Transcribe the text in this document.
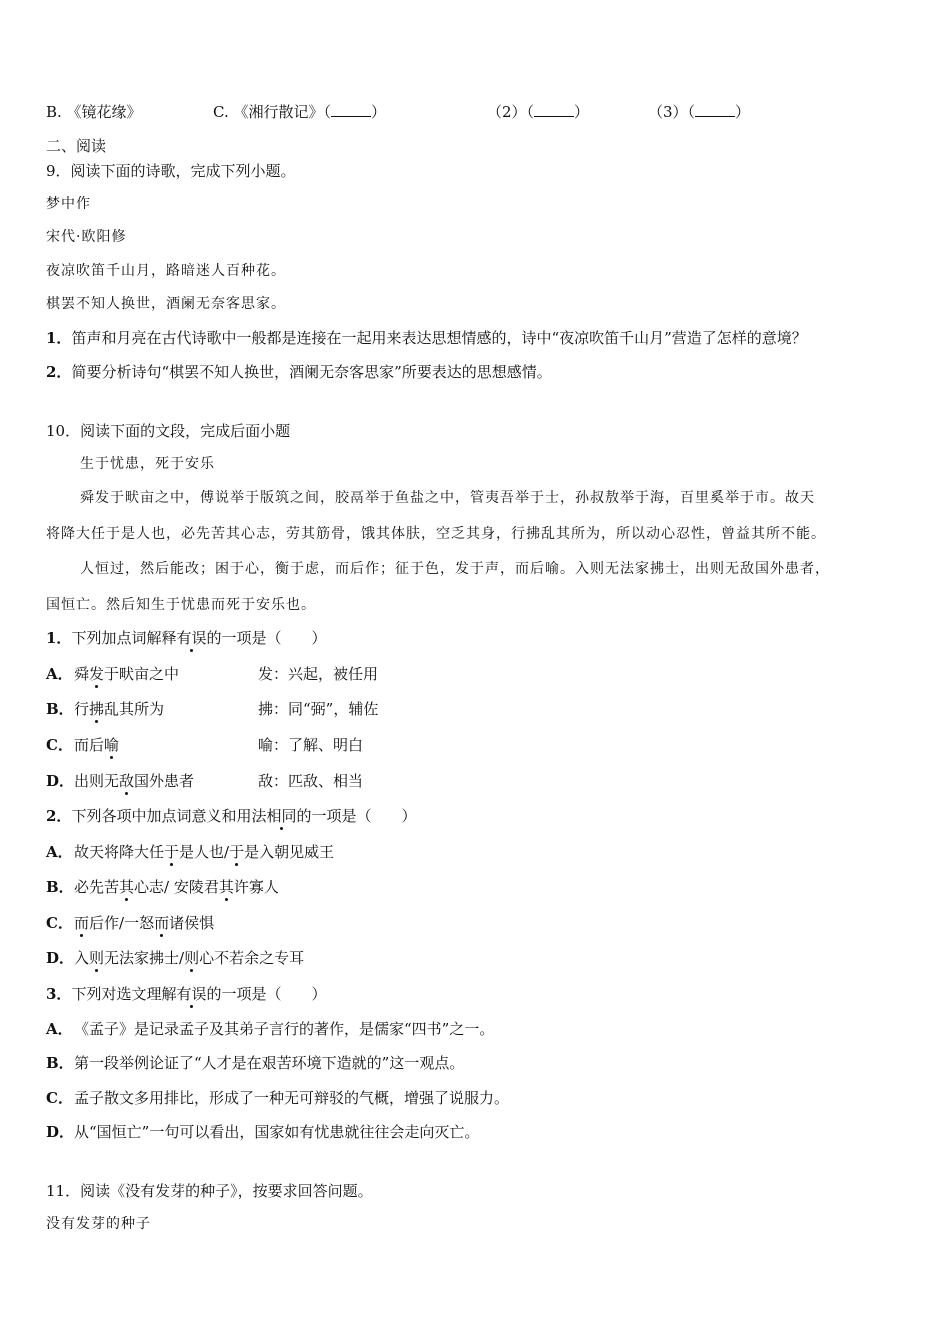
B. 《镜花缘》	C. 《湘行散记》（	）	（2）（	）	（3）（	）
二、阅读
9．阅读下面的诗歌，完成下列小题。
梦中作
宋代·欧阳修
夜凉吹笛千山月，路暗迷人百种花。
棋罢不知人换世，酒阑无奈客思家。
1．笛声和月亮在古代诗歌中一般都是连接在一起用来表达思想情感的，诗中“夜凉吹笛千山月”营造了怎样的意境？
2．简要分析诗句“棋罢不知人换世，酒阑无奈客思家”所要表达的思想感情。
10．阅读下面的文段，完成后面小题
生于忧患，死于安乐
舜发于畎亩之中，傅说举于版筑之间，胶鬲举于鱼盐之中，管夷吾举于士，孙叔敖举于海，百里奚举于市。故天
将降大任于是人也，必先苦其心志，劳其筋骨，饿其体肤，空乏其身，行拂乱其所为，所以动心忍性，曾益其所不能。
人恒过，然后能改；困于心，衡于虑，而后作；征于色，发于声，而后喻。入则无法家拂士，出则无敌国外患者，
国恒亡。然后知生于忧患而死于安乐也。
1．下列加点词解释有误的一项是（　　）
A．舜发于畎亩之中	发：兴起，被任用
B．行拂乱其所为	拂：同“弼”，辅佐
C．而后喻	喻：了解、明白
D．出则无敌国外患者	敌：匹敌、相当
2．下列各项中加点词意义和用法相同的一项是（　　）
A．故天将降大任于是人也/于是入朝见威王
B．必先苦其心志/ 安陵君其许寡人
C．而后作/一怒而诸侯惧
D．入则无法家拂士/则心不若余之专耳
3．下列对选文理解有误的一项是（　　）
A．《孟子》是记录孟子及其弟子言行的著作，是儒家“四书”之一。
B．第一段举例论证了“人才是在艰苦环境下造就的”这一观点。
C．孟子散文多用排比，形成了一种无可辩驳的气概，增强了说服力。
D．从“国恒亡”一句可以看出，国家如有忧患就往往会走向灭亡。
11．阅读《没有发芽的种子》，按要求回答问题。
没有发芽的种子
